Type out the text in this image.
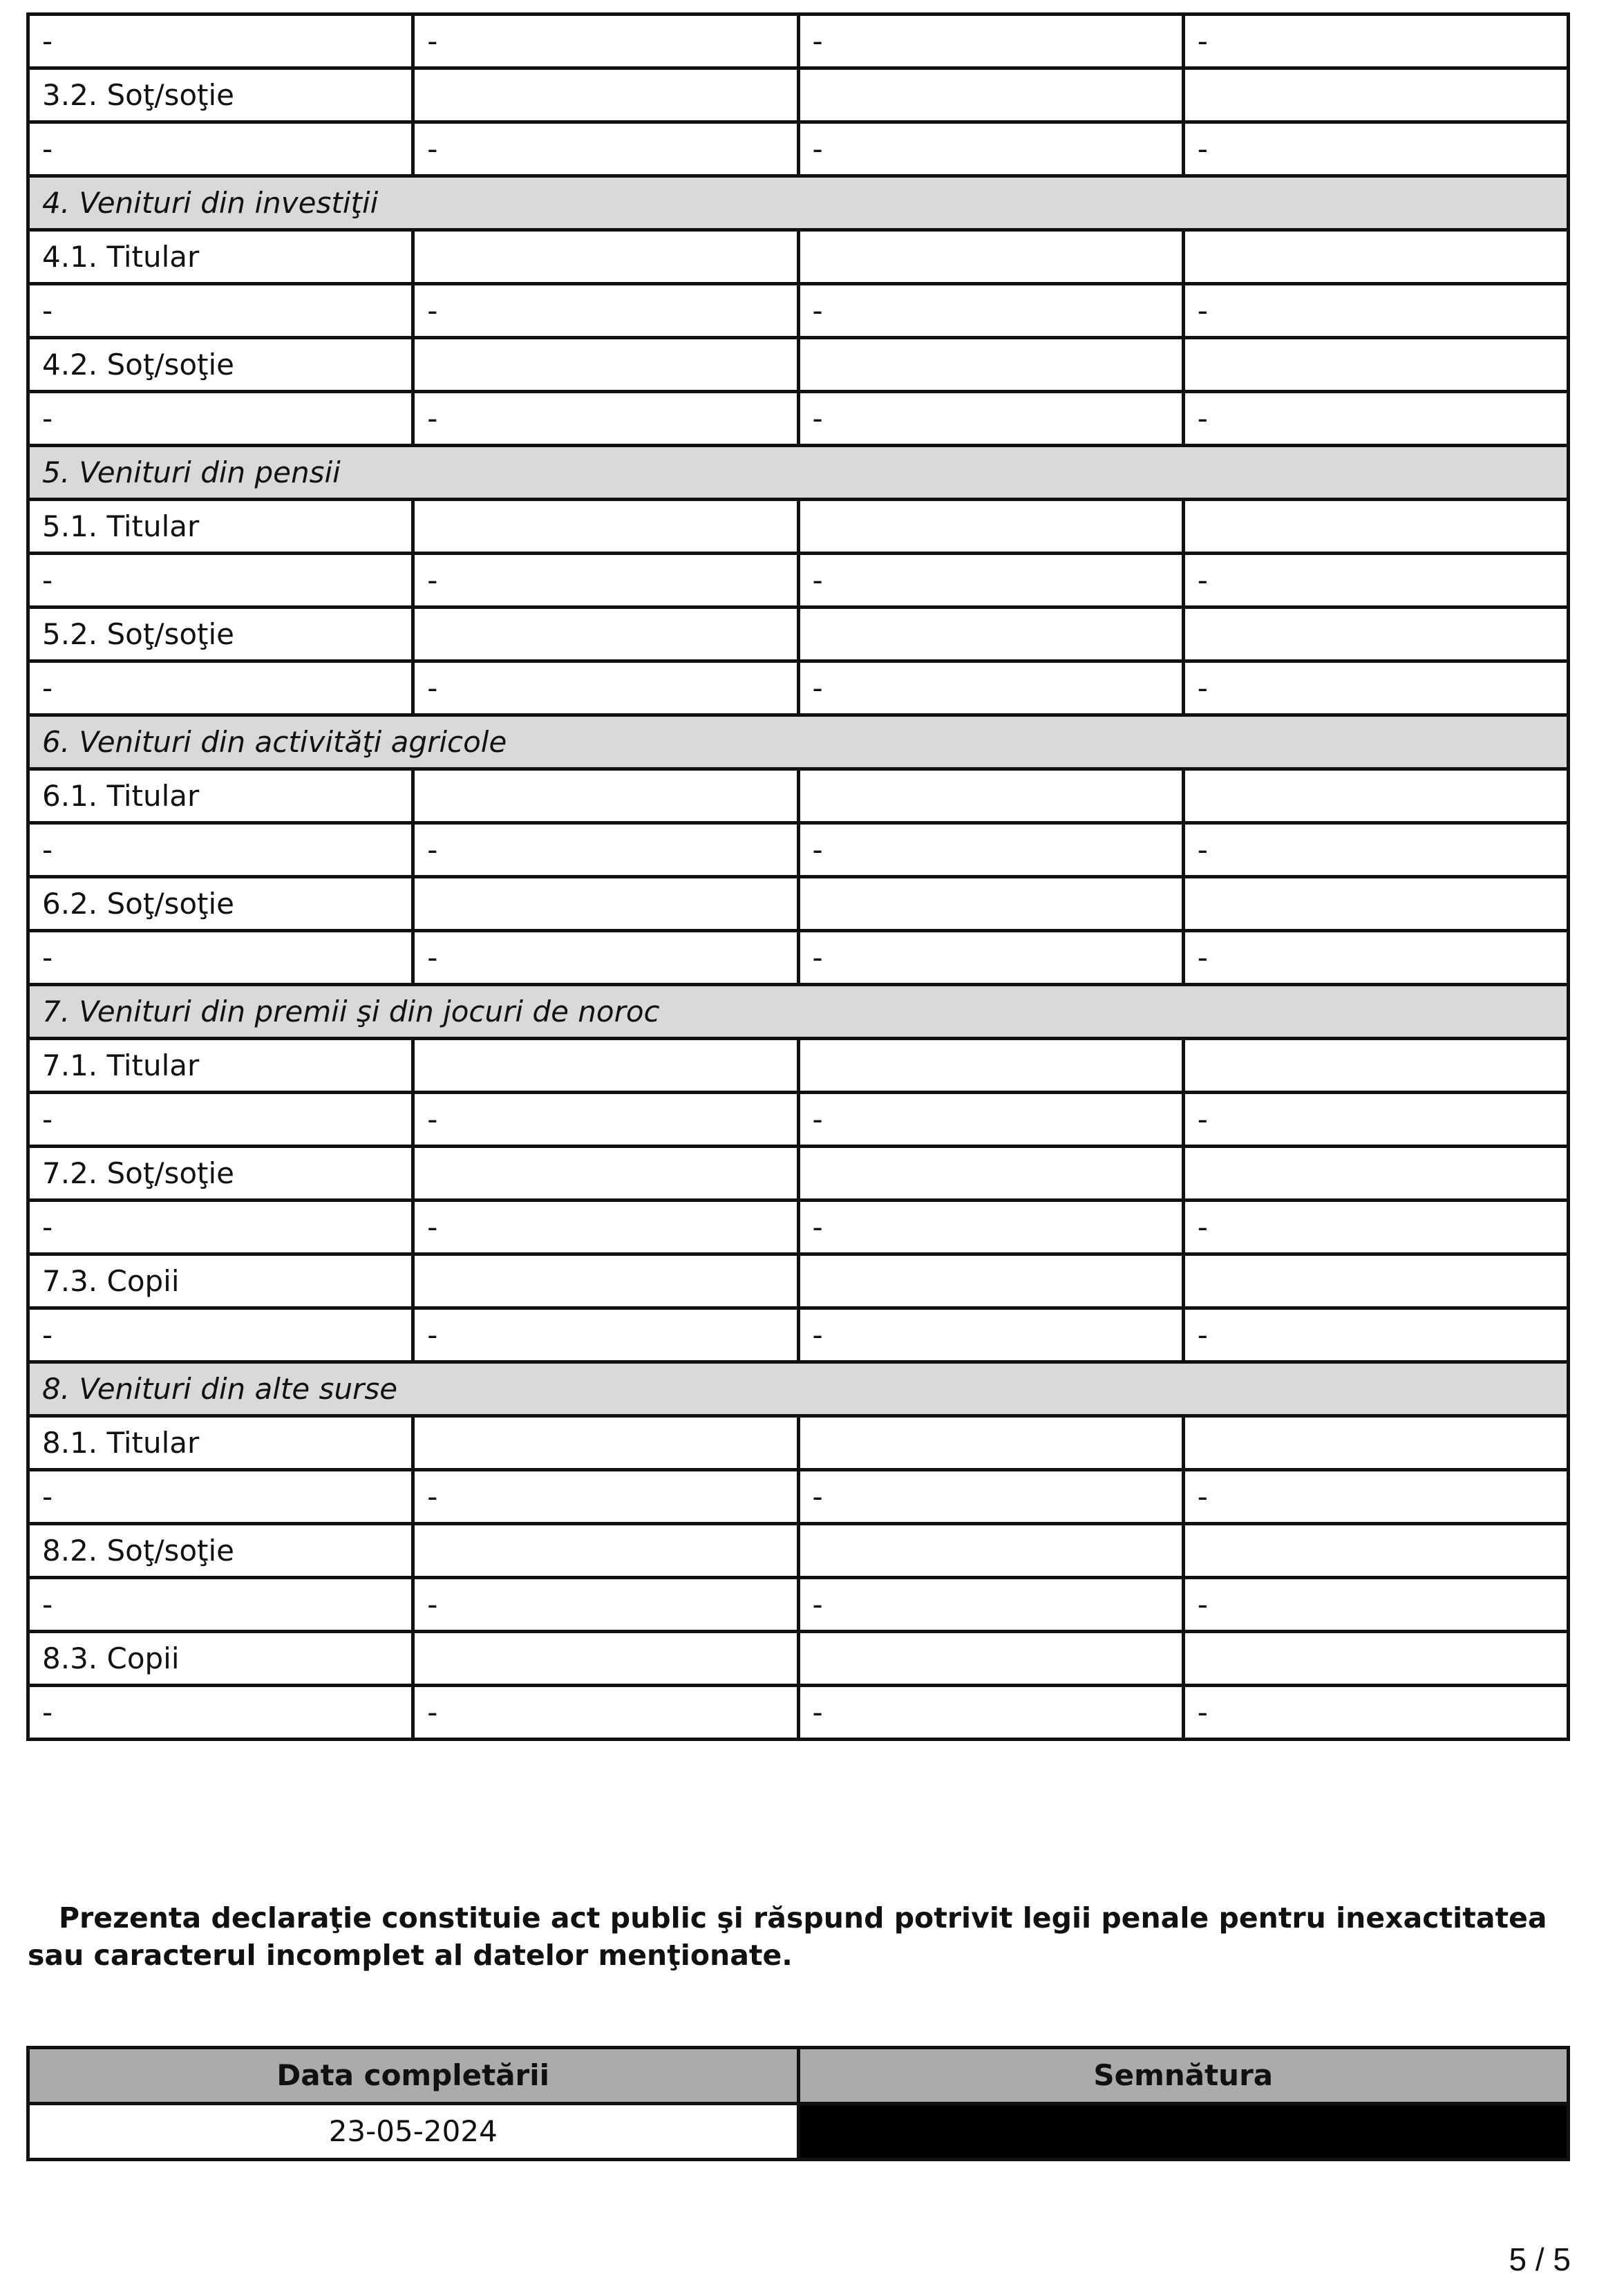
-	-	-	-
3.2. Soţ/soţie			
-	-	-	-
4. Venituri din investiţii			
4.1. Titular			
-	-	-	-
4.2. Soţ/soţie			
-	-	-	-
5. Venituri din pensii			
5.1. Titular			
-	-	-	-
5.2. Soţ/soţie			
-	-	-	-
6. Venituri din activităţi agricole			
6.1. Titular			
-	-	-	-
6.2. Soţ/soţie			
-	-	-	-
7. Venituri din premii şi din jocuri de noroc			
7.1. Titular			
-	-	-	-
7.2. Soţ/soţie			
-	-	-	-
7.3. Copii			
-	-	-	-
8. Venituri din alte surse			
8.1. Titular			
-	-	-	-
8.2. Soţ/soţie			
-	-	-	-
8.3. Copii			
-	-	-	-

Prezenta declaraţie constituie act public şi răspund potrivit legii penale pentru inexactitatea sau caracterul incomplet al datelor menţionate.

Data completării	Semnătura
23-05-2024	
5 / 5
